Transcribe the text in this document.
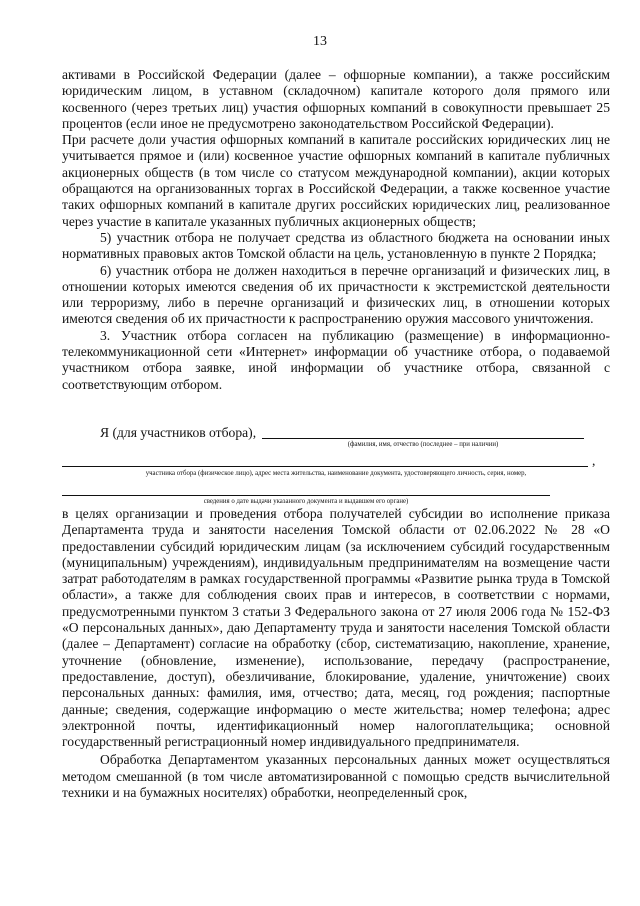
13

активами в Российской Федерации (далее – офшорные компании), а также российским юридическим лицом, в уставном (складочном) капитале которого доля прямого или косвенного (через третьих лиц) участия офшорных компаний в совокупности превышает 25 процентов (если иное не предусмотрено законодательством Российской Федерации).

При расчете доли участия офшорных компаний в капитале российских юридических лиц не учитывается прямое и (или) косвенное участие офшорных компаний в капитале публичных акционерных обществ (в том числе со статусом международной компании), акции которых обращаются на организованных торгах в Российской Федерации, а также косвенное участие таких офшорных компаний в капитале других российских юридических лиц, реализованное через участие в капитале указанных публичных акционерных обществ;

5) участник отбора не получает средства из областного бюджета на основании иных нормативных правовых актов Томской области на цель, установленную в пункте 2 Порядка;

6) участник отбора не должен находиться в перечне организаций и физических лиц, в отношении которых имеются сведения об их причастности к экстремистской деятельности или терроризму, либо в перечне организаций и физических лиц, в отношении которых имеются сведения об их причастности к распространению оружия массового уничтожения.

3. Участник отбора согласен на публикацию (размещение) в информационно-телекоммуникационной сети «Интернет» информации об участнике отбора, о подаваемой участником отбора заявке, иной информации об участнике отбора, связанной с соответствующим отбором.

Я (для участников отбора),
(фамилия, имя, отчество (последнее – при наличии)
,
участника отбора (физическое лицо), адрес места жительства, наименование документа, удостоверяющего личность, серия, номер,
сведения о дате выдачи указанного документа и выдавшем его органе)

в целях организации и проведения отбора получателей субсидии во исполнение приказа Департамента труда и занятости населения Томской области от 02.06.2022 № 28 «О предоставлении субсидий юридическим лицам (за исключением субсидий государственным (муниципальным) учреждениям), индивидуальным предпринимателям на возмещение части затрат работодателям в рамках государственной программы «Развитие рынка труда в Томской области», а также для соблюдения своих прав и интересов, в соответствии с нормами, предусмотренными пунктом 3 статьи 3 Федерального закона от 27 июля 2006 года № 152-ФЗ «О персональных данных», даю Департаменту труда и занятости населения Томской области (далее – Департамент) согласие на обработку (сбор, систематизацию, накопление, хранение, уточнение (обновление, изменение), использование, передачу (распространение, предоставление, доступ), обезличивание, блокирование, удаление, уничтожение) своих персональных данных: фамилия, имя, отчество; дата, месяц, год рождения; паспортные данные; сведения, содержащие информацию о месте жительства; номер телефона; адрес электронной почты, идентификационный номер налогоплательщика; основной государственный регистрационный номер индивидуального предпринимателя.

Обработка Департаментом указанных персональных данных может осуществляться методом смешанной (в том числе автоматизированной с помощью средств вычислительной техники и на бумажных носителях) обработки, неопределенный срок,
